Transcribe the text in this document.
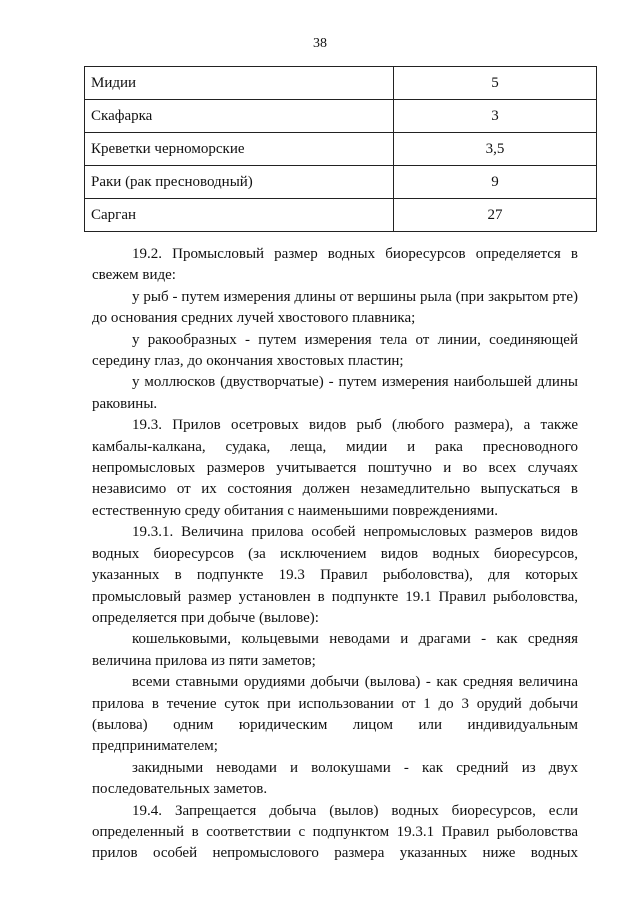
38
Мидии	5
Скафарка	3
Креветки черноморские	3,5
Раки (рак пресноводный)	9
Сарган	27

19.2. Промысловый размер водных биоресурсов определяется в свежем виде:

у рыб - путем измерения длины от вершины рыла (при закрытом рте) до основания средних лучей хвостового плавника;

у ракообразных - путем измерения тела от линии, соединяющей середину глаз, до окончания хвостовых пластин;

у моллюсков (двустворчатые) - путем измерения наибольшей длины раковины.

19.3. Прилов осетровых видов рыб (любого размера), а также камбалы-калкана, судака, леща, мидии и рака пресноводного непромысловых размеров учитывается поштучно и во всех случаях независимо от их состояния должен незамедлительно выпускаться в естественную среду обитания с наименьшими повреждениями.

19.3.1. Величина прилова особей непромысловых размеров видов водных биоресурсов (за исключением видов водных биоресурсов, указанных в подпункте 19.3 Правил рыболовства), для которых промысловый размер установлен в подпункте 19.1 Правил рыболовства, определяется при добыче (вылове):

кошельковыми, кольцевыми неводами и драгами - как средняя величина прилова из пяти заметов;

всеми ставными орудиями добычи (вылова) - как средняя величина прилова в течение суток при использовании от 1 до 3 орудий добычи (вылова) одним юридическим лицом или индивидуальным предпринимателем;

закидными неводами и волокушами - как средний из двух последовательных заметов.

19.4. Запрещается добыча (вылов) водных биоресурсов, если определенный в соответствии с подпунктом 19.3.1 Правил рыболовства прилов особей непромыслового размера указанных ниже водных
